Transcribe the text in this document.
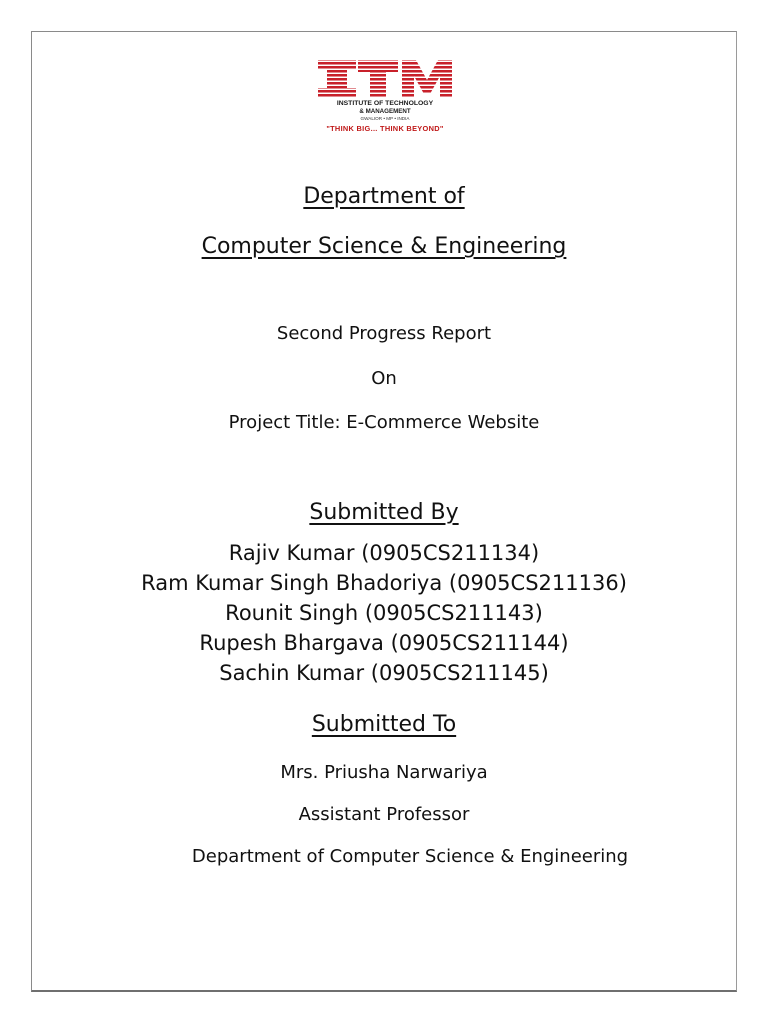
INSTITUTE OF TECHNOLOGY
& MANAGEMENT
GWALIOR • MP • INDIA
"THINK BIG... THINK BEYOND"
Department of
Computer Science & Engineering
Second Progress Report
On
Project Title: E-Commerce Website
Submitted By
Rajiv Kumar (0905CS211134)
Ram Kumar Singh Bhadoriya (0905CS211136)
Rounit Singh (0905CS211143)
Rupesh Bhargava (0905CS211144)
Sachin Kumar (0905CS211145)
Submitted To
Mrs. Priusha Narwariya
Assistant Professor
Department of Computer Science & Engineering
